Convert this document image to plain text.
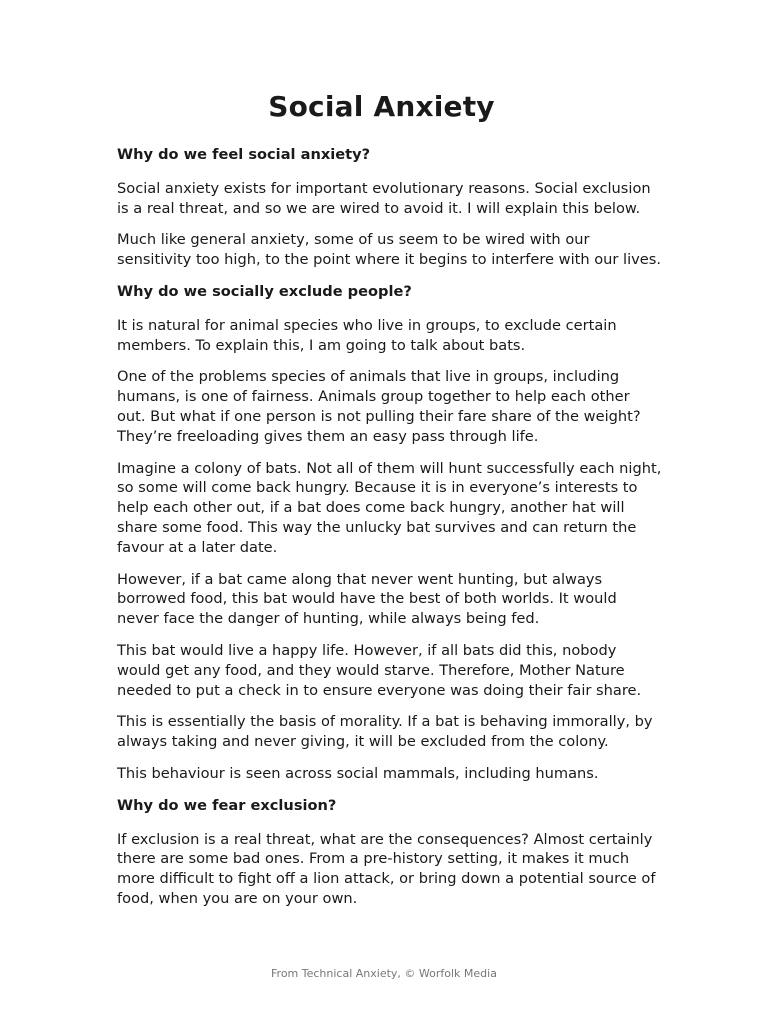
Social Anxiety
Why do we feel social anxiety?

Social anxiety exists for important evolutionary reasons. Social exclusion is a real threat, and so we are wired to avoid it. I will explain this below.

Much like general anxiety, some of us seem to be wired with our sensitivity too high, to the point where it begins to interfere with our lives.

Why do we socially exclude people?

It is natural for animal species who live in groups, to exclude certain members. To explain this, I am going to talk about bats.

One of the problems species of animals that live in groups, including humans, is one of fairness. Animals group together to help each other out. But what if one person is not pulling their fare share of the weight? They’re freeloading gives them an easy pass through life.

Imagine a colony of bats. Not all of them will hunt successfully each night, so some will come back hungry. Because it is in everyone’s interests to help each other out, if a bat does come back hungry, another hat will share some food. This way the unlucky bat survives and can return the favour at a later date.

However, if a bat came along that never went hunting, but always borrowed food, this bat would have the best of both worlds. It would never face the danger of hunting, while always being fed.

This bat would live a happy life. However, if all bats did this, nobody would get any food, and they would starve. Therefore, Mother Nature needed to put a check in to ensure everyone was doing their fair share.

This is essentially the basis of morality. If a bat is behaving immorally, by always taking and never giving, it will be excluded from the colony.

This behaviour is seen across social mammals, including humans.

Why do we fear exclusion?

If exclusion is a real threat, what are the consequences? Almost certainly there are some bad ones. From a pre-history setting, it makes it much more difficult to fight off a lion attack, or bring down a potential source of food, when you are on your own.

From Technical Anxiety, © Worfolk Media
